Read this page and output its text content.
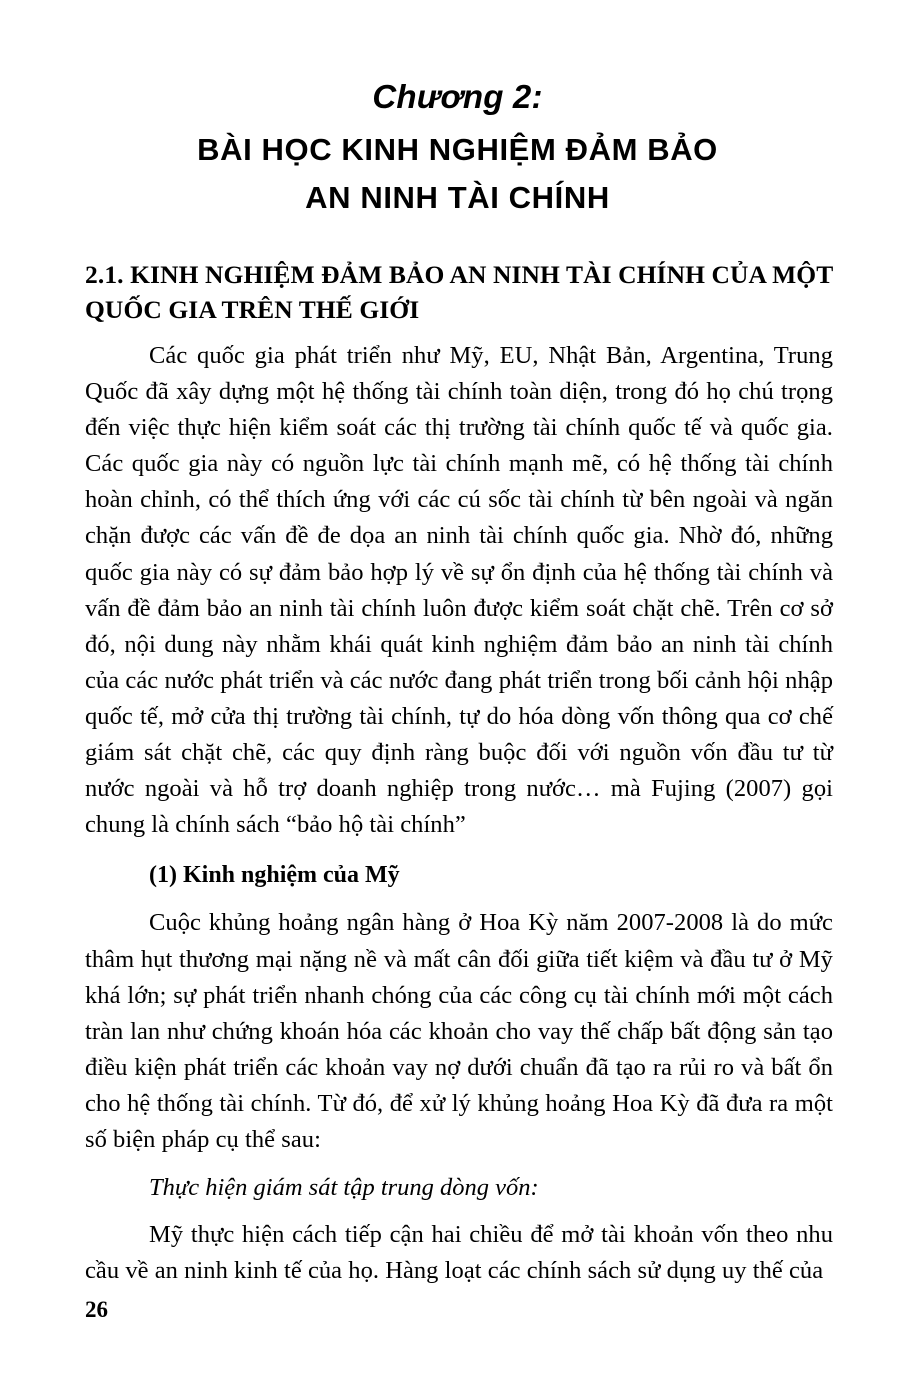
Chương 2:
BÀI HỌC KINH NGHIỆM ĐẢM BẢO
AN NINH TÀI CHÍNH
2.1. KINH NGHIỆM ĐẢM BẢO AN NINH TÀI CHÍNH CỦA MỘT QUỐC GIA TRÊN THẾ GIỚI

Các quốc gia phát triển như Mỹ, EU, Nhật Bản, Argentina, Trung Quốc đã xây dựng một hệ thống tài chính toàn diện, trong đó họ chú trọng đến việc thực hiện kiểm soát các thị trường tài chính quốc tế và quốc gia. Các quốc gia này có nguồn lực tài chính mạnh mẽ, có hệ thống tài chính hoàn chỉnh, có thể thích ứng với các cú sốc tài chính từ bên ngoài và ngăn chặn được các vấn đề đe dọa an ninh tài chính quốc gia. Nhờ đó, những quốc gia này có sự đảm bảo hợp lý về sự ổn định của hệ thống tài chính và vấn đề đảm bảo an ninh tài chính luôn được kiểm soát chặt chẽ. Trên cơ sở đó, nội dung này nhằm khái quát kinh nghiệm đảm bảo an ninh tài chính của các nước phát triển và các nước đang phát triển trong bối cảnh hội nhập quốc tế, mở cửa thị trường tài chính, tự do hóa dòng vốn thông qua cơ chế giám sát chặt chẽ, các quy định ràng buộc đối với nguồn vốn đầu tư từ nước ngoài và hỗ trợ doanh nghiệp trong nước… mà Fujing (2007) gọi chung là chính sách “bảo hộ tài chính”

(1) Kinh nghiệm của Mỹ

Cuộc khủng hoảng ngân hàng ở Hoa Kỳ năm 2007-2008 là do mức thâm hụt thương mại nặng nề và mất cân đối giữa tiết kiệm và đầu tư ở Mỹ khá lớn; sự phát triển nhanh chóng của các công cụ tài chính mới một cách tràn lan như chứng khoán hóa các khoản cho vay thế chấp bất động sản tạo điều kiện phát triển các khoản vay nợ dưới chuẩn đã tạo ra rủi ro và bất ổn cho hệ thống tài chính. Từ đó, để xử lý khủng hoảng Hoa Kỳ đã đưa ra một số biện pháp cụ thể sau:

Thực hiện giám sát tập trung dòng vốn:

Mỹ thực hiện cách tiếp cận hai chiều để mở tài khoản vốn theo nhu cầu về an ninh kinh tế của họ. Hàng loạt các chính sách sử dụng uy thế của

26
